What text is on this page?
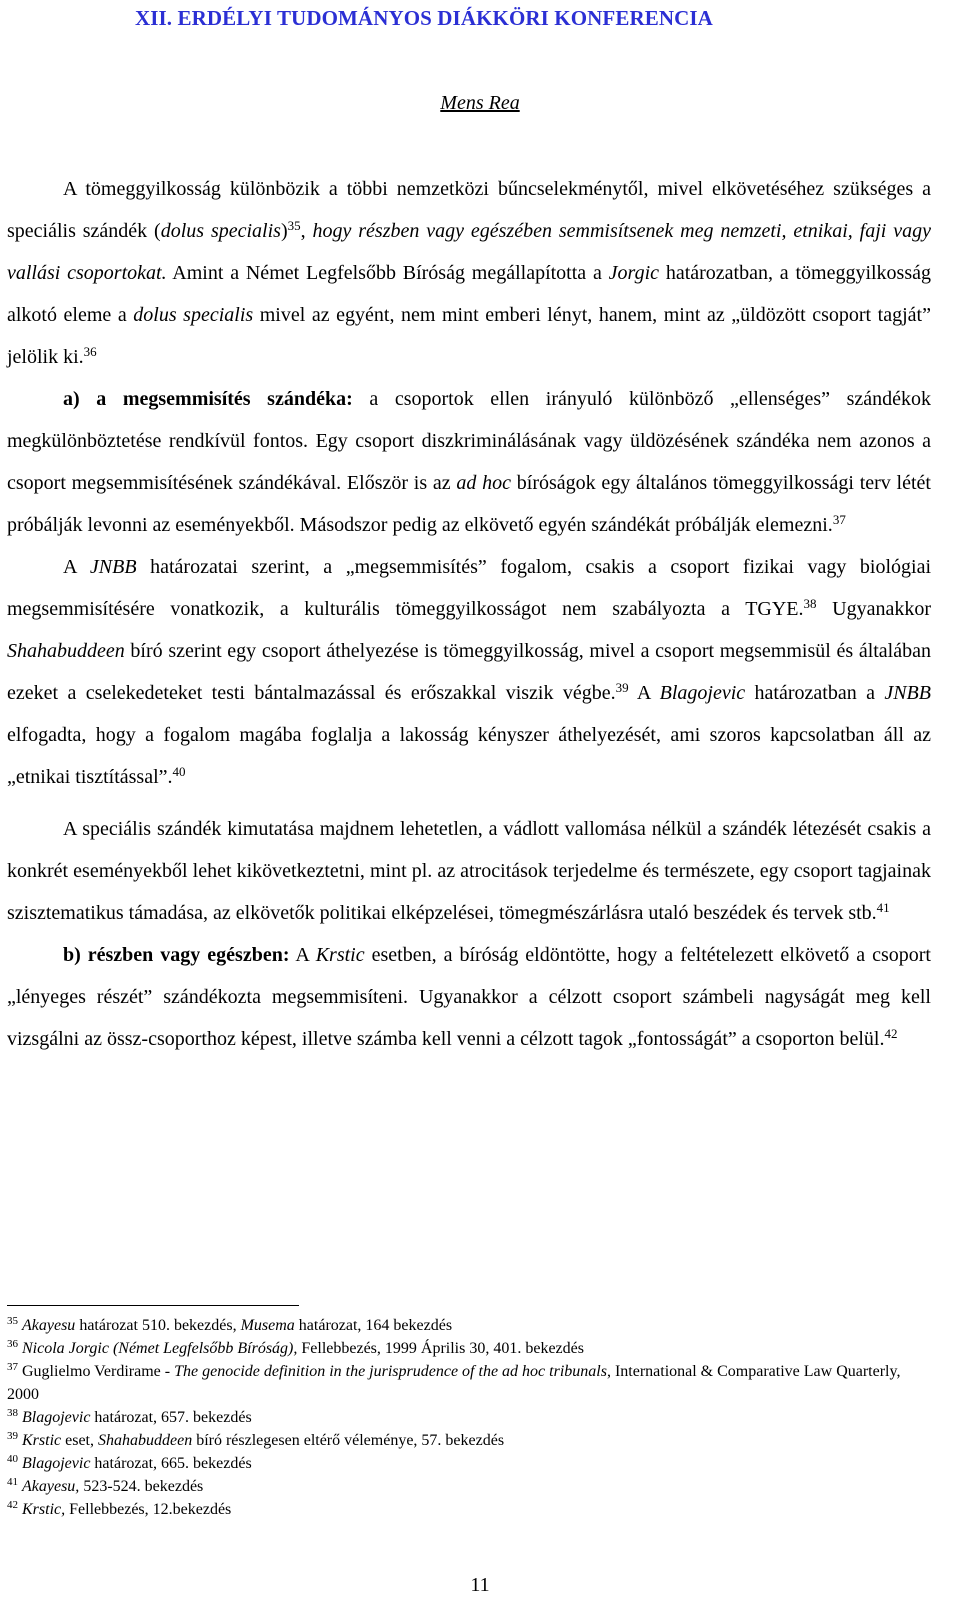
XII. ERDÉLYI TUDOMÁNYOS DIÁKKÖRI KONFERENCIA
Mens Rea

A tömeggyilkosság különbözik a többi nemzetközi bűncselekménytől, mivel elkövetéséhez szükséges a speciális szándék (dolus specialis)$^{35}$, hogy részben vagy egészében semmisítsenek meg nemzeti, etnikai, faji vagy vallási csoportokat. Amint a Német Legfelsőbb Bíróság megállapította a Jorgic határozatban, a tömeggyilkosság alkotó eleme a dolus specialis mivel az egyént, nem mint emberi lényt, hanem, mint az „üldözött csoport tagját” jelölik ki.$^{36}$

a) a megsemmisítés szándéka: a csoportok ellen irányuló különböző „ellenséges” szándékok megkülönböztetése rendkívül fontos. Egy csoport diszkriminálásának vagy üldözésének szándéka nem azonos a csoport megsemmisítésének szándékával. Először is az ad hoc bíróságok egy általános tömeggyilkossági terv létét próbálják levonni az eseményekből. Másodszor pedig az elkövető egyén szándékát próbálják elemezni.$^{37}$

A JNBB határozatai szerint, a „megsemmisítés” fogalom, csakis a csoport fizikai vagy biológiai megsemmisítésére vonatkozik, a kulturális tömeggyilkosságot nem szabályozta a TGYE.$^{38}$ Ugyanakkor Shahabuddeen bíró szerint egy csoport áthelyezése is tömeggyilkosság, mivel a csoport megsemmisül és általában ezeket a cselekedeteket testi bántalmazással és erőszakkal viszik végbe.$^{39}$ A Blagojevic határozatban a JNBB elfogadta, hogy a fogalom magába foglalja a lakosság kényszer áthelyezését, ami szoros kapcsolatban áll az „etnikai tisztítással”.$^{40}$

A speciális szándék kimutatása majdnem lehetetlen, a vádlott vallomása nélkül a szándék létezését csakis a konkrét eseményekből lehet kikövetkeztetni, mint pl. az atrocitások terjedelme és természete, egy csoport tagjainak szisztematikus támadása, az elkövetők politikai elképzelései, tömegmészárlásra utaló beszédek és tervek stb.$^{41}$

b) részben vagy egészben: A Krstic esetben, a bíróság eldöntötte, hogy a feltételezett elkövető a csoport „lényeges részét” szándékozta megsemmisíteni. Ugyanakkor a célzott csoport számbeli nagyságát meg kell vizsgálni az össz-csoporthoz képest, illetve számba kell venni a célzott tagok „fontosságát” a csoporton belül.$^{42}$

$^{35}$ Akayesu határozat 510. bekezdés, Musema határozat, 164 bekezdés

$^{36}$ Nicola Jorgic (Német Legfelsőbb Bíróság), Fellebbezés, 1999 Április 30, 401. bekezdés

$^{37}$ Guglielmo Verdirame - The genocide definition in the jurisprudence of the ad hoc tribunals, International & Comparative Law Quarterly, 2000

$^{38}$ Blagojevic határozat, 657. bekezdés

$^{39}$ Krstic eset, Shahabuddeen bíró részlegesen eltérő véleménye, 57. bekezdés

$^{40}$ Blagojevic határozat, 665. bekezdés

$^{41}$ Akayesu, 523-524. bekezdés

$^{42}$ Krstic, Fellebbezés, 12.bekezdés

11
